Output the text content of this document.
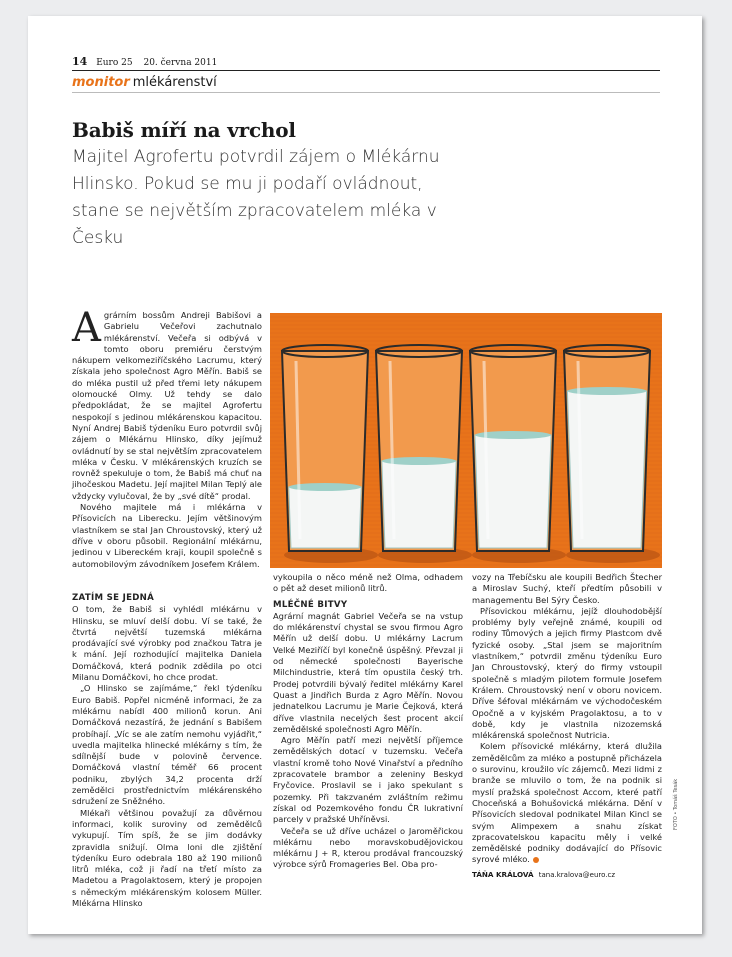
14 Euro 25 20. června 2011
monitor mlékárenství
Babiš míří na vrchol

Majitel Agrofertu potvrdil zájem o Mlékárnu Hlinsko. Pokud se mu ji podaří ovládnout, stane se největším zpracovatelem mléka v Česku

Agrárním bossům Andreji Babišovi a Gabrielu Večeřovi zachutnalo mlékárenství. Večeřa si odbývá v tomto oboru premiéru čerstvým nákupem velkomeziříčského Lacrumu, který získala jeho společnost Agro Měřín. Babiš se do mléka pustil už před třemi lety nákupem olomoucké Olmy. Už tehdy se dalo předpokládat, že se majitel Agrofertu nespokojí s jedinou mlékárenskou kapacitou. Nyní Andrej Babiš týdeníku Euro potvrdil svůj zájem o Mlékárnu Hlinsko, díky jejímuž ovládnutí by se stal největším zpracovatelem mléka v Česku. V mlékárenských kruzích se rovněž spekuluje o tom, že Babiš má chuť na jihočeskou Madetu. Její majitel Milan Teplý ale vždycky vylučoval, že by „své dítě“ prodal.

Nového majitele má i mlékárna v Přísovicích na Liberecku. Jejím většinovým vlastníkem se stal Jan Chroustovský, který už dříve v oboru působil. Regionální mlékárnu, jedinou v Libereckém kraji, koupil společně s automobilovým závodníkem Josefem Králem.

ZATÍM SE JEDNÁ

O tom, že Babiš si vyhlédl mlékárnu v Hlinsku, se mluví delší dobu. Ví se také, že čtvrtá největší tuzemská mlékárna prodávající své výrobky pod značkou Tatra je k mání. Její rozhodující majitelka Daniela Domáčková, která podnik zdědila po otci Milanu Domáčkovi, ho chce prodat.

„O Hlinsko se zajímáme,“ řekl týdeníku Euro Babiš. Popřel nicméně informaci, že za mlékárnu nabídl 400 milionů korun. Ani Domáčková nezastírá, že jednání s Babišem probíhají. „Víc se ale zatím nemohu vyjádřit,“ uvedla majitelka hlinecké mlékárny s tím, že sdílnější bude v polovině července. Domáčková vlastní téměř 66 procent podniku, zbylých 34,2 procenta drží zemědělci prostřednictvím mlékárenského sdružení ze Sněžného.

Mlékaři většinou považují za důvěrnou informaci, kolik suroviny od zemědělců vykupují. Tím spíš, že se jim dodávky zpravidla snižují. Olma loni dle zjištění týdeníku Euro odebrala 180 až 190 milionů litrů mléka, což ji řadí na třetí místo za Madetou a Pragolaktosem, který je propojen s německým mlékárenským kolosem Müller. Mlékárna Hlinsko

vykoupila o něco méně než Olma, odhadem o pět až deset milionů litrů.

MLÉČNÉ BITVY

Agrární magnát Gabriel Večeřa se na vstup do mlékárenství chystal se svou firmou Agro Měřín už delší dobu. U mlékárny Lacrum Velké Meziříčí byl konečně úspěšný. Převzal ji od německé společnosti Bayerische Milchindustrie, která tím opustila český trh. Prodej potvrdili bývalý ředitel mlékárny Karel Quast a Jindřich Burda z Agro Měřín. Novou jednatelkou Lacrumu je Marie Čejková, která dříve vlastnila necelých šest procent akcií zemědělské společnosti Agro Měřín.

Agro Měřín patří mezi největší příjemce zemědělských dotací v tuzemsku. Večeřa vlastní kromě toho Nové Vinařství a předního zpracovatele brambor a zeleniny Beskyd Fryčovice. Proslavil se i jako spekulant s pozemky. Při takzvaném zvláštním režimu získal od Pozemkového fondu ČR lukrativní parcely v pražské Uhříněvsi.

Večeřa se už dříve ucházel o Jaroměřickou mlékárnu nebo moravskobudějovickou mlékárnu J + R, kterou prodával francouzský výrobce sýrů Fromageries Bel. Oba pro-

vozy na Třebíčsku ale koupili Bedřich Štecher a Miroslav Suchý, kteří předtím působili v managementu Bel Sýry Česko.

Přísovickou mlékárnu, jejíž dlouhodobější problémy byly veřejně známé, koupili od rodiny Tůmových a jejich firmy Plastcom dvě fyzické osoby. „Stal jsem se majoritním vlastníkem,“ potvrdil změnu týdeníku Euro Jan Chroustovský, který do firmy vstoupil společně s mladým pilotem formule Josefem Králem. Chroustovský není v oboru novicem. Dříve šéfoval mlékárnám ve východočeském Opočně a v kyjském Pragolaktosu, a to v době, kdy je vlastnila nizozemská mlékárenská společnost Nutricia.

Kolem přísovické mlékárny, která dlužila zemědělcům za mléko a postupně přicházela o surovinu, kroužilo víc zájemců. Mezi lidmi z branže se mluvilo o tom, že na podnik si myslí pražská společnost Accom, které patří Choceňská a Bohušovická mlékárna. Dění v Přísovicích sledoval podnikatel Milan Kincl se svým Alimpexem a snahu získat zpracovatelskou kapacitu měly i velké zemědělské podniky dodávající do Přísovic syrové mléko.

TÁŇA KRÁLOVÁ tana.kralova@euro.cz
FOTO • Tomáš Tesák
